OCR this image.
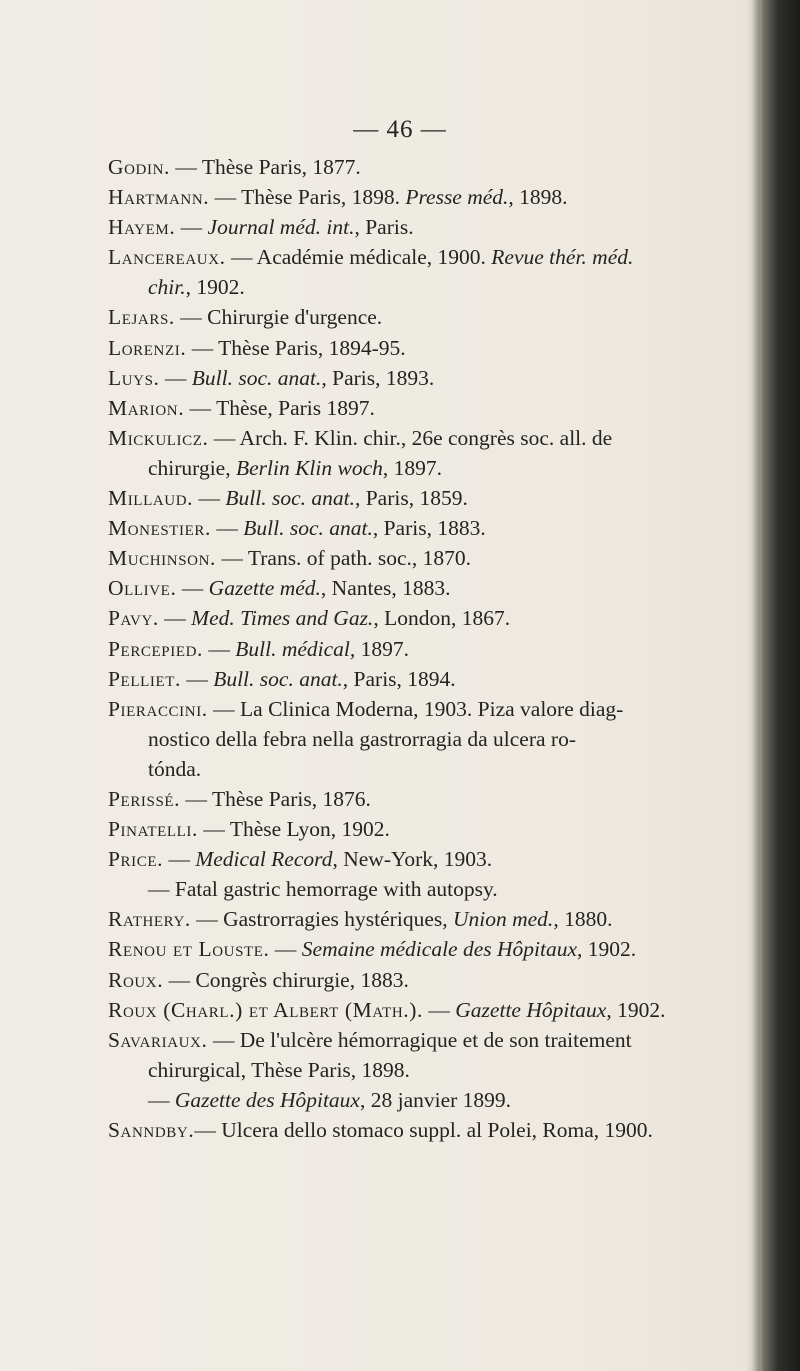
— 46 —
Godin. — Thèse Paris, 1877.
Hartmann. — Thèse Paris, 1898. Presse méd., 1898.
Hayem. — Journal méd. int., Paris.
Lancereaux. — Académie médicale, 1900. Revue thér. méd.
chir., 1902.
Lejars. — Chirurgie d'urgence.
Lorenzi. — Thèse Paris, 1894-95.
Luys. — Bull. soc. anat., Paris, 1893.
Marion. — Thèse, Paris 1897.
Mickulicz. — Arch. F. Klin. chir., 26e congrès soc. all. de
chirurgie, Berlin Klin woch, 1897.
Millaud. — Bull. soc. anat., Paris, 1859.
Monestier. — Bull. soc. anat., Paris, 1883.
Muchinson. — Trans. of path. soc., 1870.
Ollive. — Gazette méd., Nantes, 1883.
Pavy. — Med. Times and Gaz., London, 1867.
Percepied. — Bull. médical, 1897.
Pelliet. — Bull. soc. anat., Paris, 1894.
Pieraccini. — La Clinica Moderna, 1903. Piza valore diag-
nostico della febra nella gastrorragia da ulcera ro-
tónda.
Perissé. — Thèse Paris, 1876.
Pinatelli. — Thèse Lyon, 1902.
Price. — Medical Record, New-York, 1903.
— Fatal gastric hemorrage with autopsy.
Rathery. — Gastrorragies hystériques, Union med., 1880.
Renou et Louste. — Semaine médicale des Hôpitaux, 1902.
Roux. — Congrès chirurgie, 1883.
Roux (Charl.) et Albert (Math.). — Gazette Hôpitaux, 1902.
Savariaux. — De l'ulcère hémorragique et de son traitement
chirurgical, Thèse Paris, 1898.
— Gazette des Hôpitaux, 28 janvier 1899.
Sanndby.— Ulcera dello stomaco suppl. al Polei, Roma, 1900.
